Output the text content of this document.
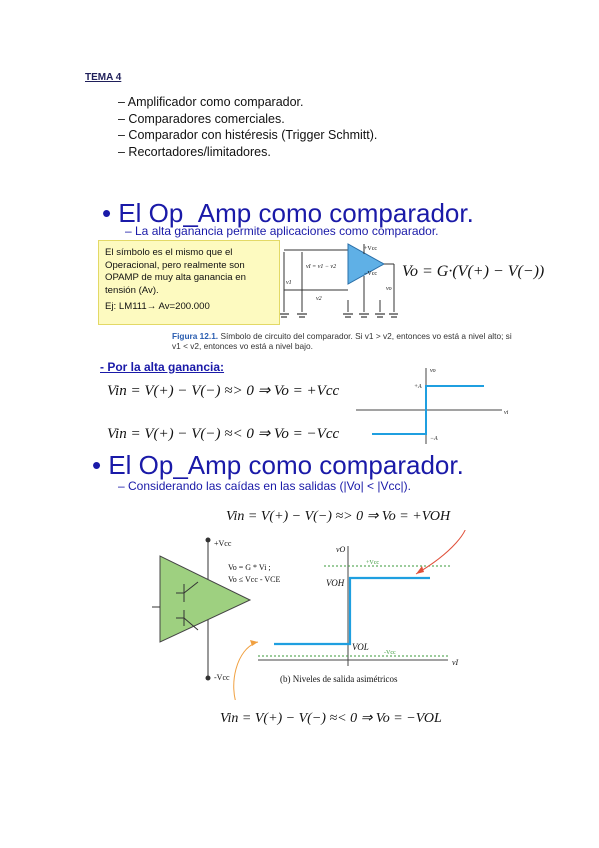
TEMA 4
– Amplificador como comparador.
– Comparadores comerciales.
– Comparador con histéresis (Trigger Schmitt).
– Recortadores/limitadores.
• El Op_Amp como comparador.
– La alta ganancia permite aplicaciones como comparador.
El símbolo es el mismo que el
Operacional, pero realmente son
OPAMP de muy alta ganancia en
tensión (Av).
Ej: LM111→ Av=200.000
+Vcc
−Vcc
vI = v1 − v2
v1
v2
vo
Vo = G·(V(+) − V(−))
Figura 12.1. Símbolo de circuito del comparador. Si v1 > v2, entonces vo está a nivel alto; si v1 < v2, entonces vo está a nivel bajo.
- Por la alta ganancia:
Vin = V(+) − V(−) ≈> 0 ⇒ Vo = +Vcc
Vin = V(+) − V(−) ≈< 0 ⇒ Vo = −Vcc
vo
vi
+A
−A
• El Op_Amp como comparador.
– Considerando las caídas en las salidas (|Vo| < |Vcc|).
Vin = V(+) − V(−) ≈> 0 ⇒ Vo = +VOH
+Vcc
-Vcc
Vo = G * Vi ;
Vo ≤ Vcc - VCE
vO
vI
VOH
VOL
+Vcc
-Vcc
(b) Niveles de salida asimétricos
Vin = V(+) − V(−) ≈< 0 ⇒ Vo = −VOL
